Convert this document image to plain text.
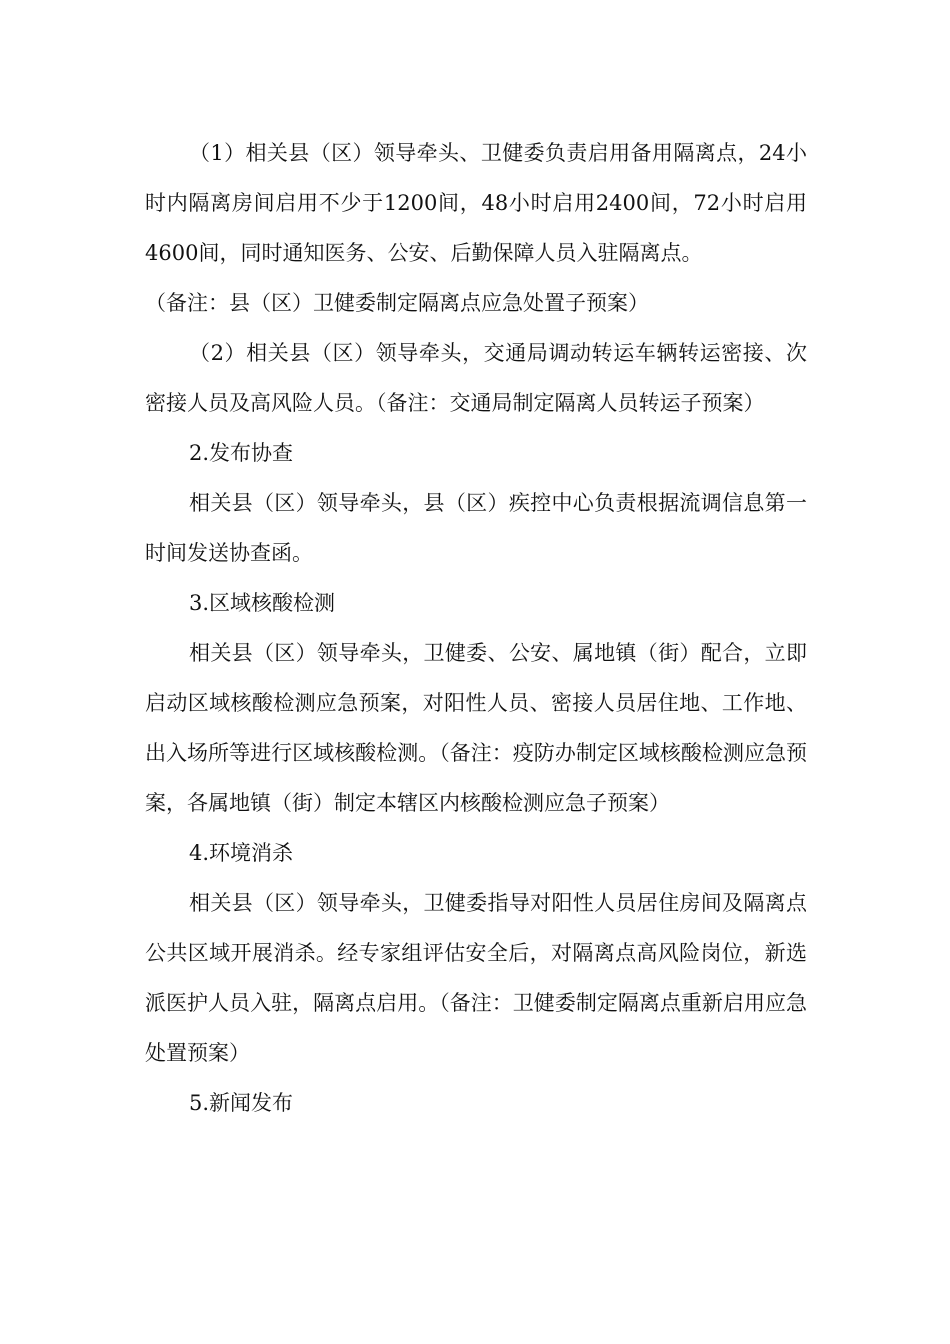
（1）相关县（区）领导牵头、卫健委负责启用备用隔离点，24小时内隔离房间启用不少于1200间，48小时启用2400间，72小时启用4600间，同时通知医务、公安、后勤保障人员入驻隔离点。

（备注：县（区）卫健委制定隔离点应急处置子预案）

（2）相关县（区）领导牵头，交通局调动转运车辆转运密接、次密接人员及高风险人员。（备注：交通局制定隔离人员转运子预案）

2.发布协查

相关县（区）领导牵头，县（区）疾控中心负责根据流调信息第一时间发送协查函。

3.区域核酸检测

相关县（区）领导牵头，卫健委、公安、属地镇（街）配合，立即启动区域核酸检测应急预案，对阳性人员、密接人员居住地、工作地、出入场所等进行区域核酸检测。（备注：疫防办制定区域核酸检测应急预案，各属地镇（街）制定本辖区内核酸检测应急子预案）

4.环境消杀

相关县（区）领导牵头，卫健委指导对阳性人员居住房间及隔离点公共区域开展消杀。经专家组评估安全后，对隔离点高风险岗位，新选派医护人员入驻，隔离点启用。（备注：卫健委制定隔离点重新启用应急处置预案）

5.新闻发布
